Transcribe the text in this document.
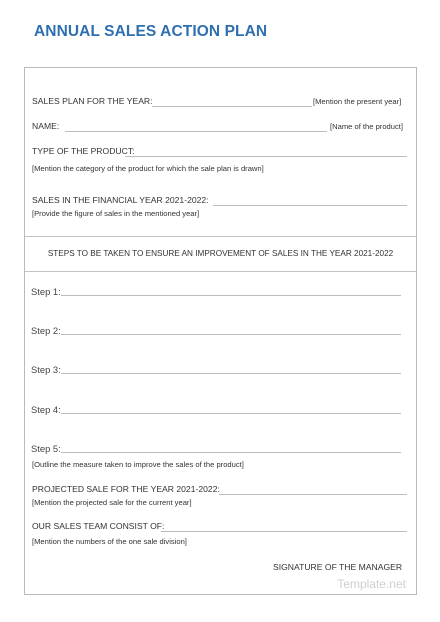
ANNUAL SALES ACTION PLAN
SALES PLAN FOR THE YEAR:	[Mention the present year]
NAME:	[Name of the product]
TYPE OF THE PRODUCT:
[Mention the category of the product for which the sale plan is drawn]
SALES IN THE FINANCIAL YEAR 2021-2022:
[Provide the figure of sales in the mentioned year]
STEPS TO BE TAKEN TO ENSURE AN IMPROVEMENT OF SALES IN THE YEAR 2021-2022
Step 1:
Step 2:
Step 3:
Step 4:
Step 5:
[Outline the measure taken to improve the sales of the product]
PROJECTED SALE FOR THE YEAR 2021-2022:
[Mention the projected sale for the current year]
OUR SALES TEAM CONSIST OF:
[Mention the numbers of the one sale division]
SIGNATURE OF THE MANAGER
Template.net
